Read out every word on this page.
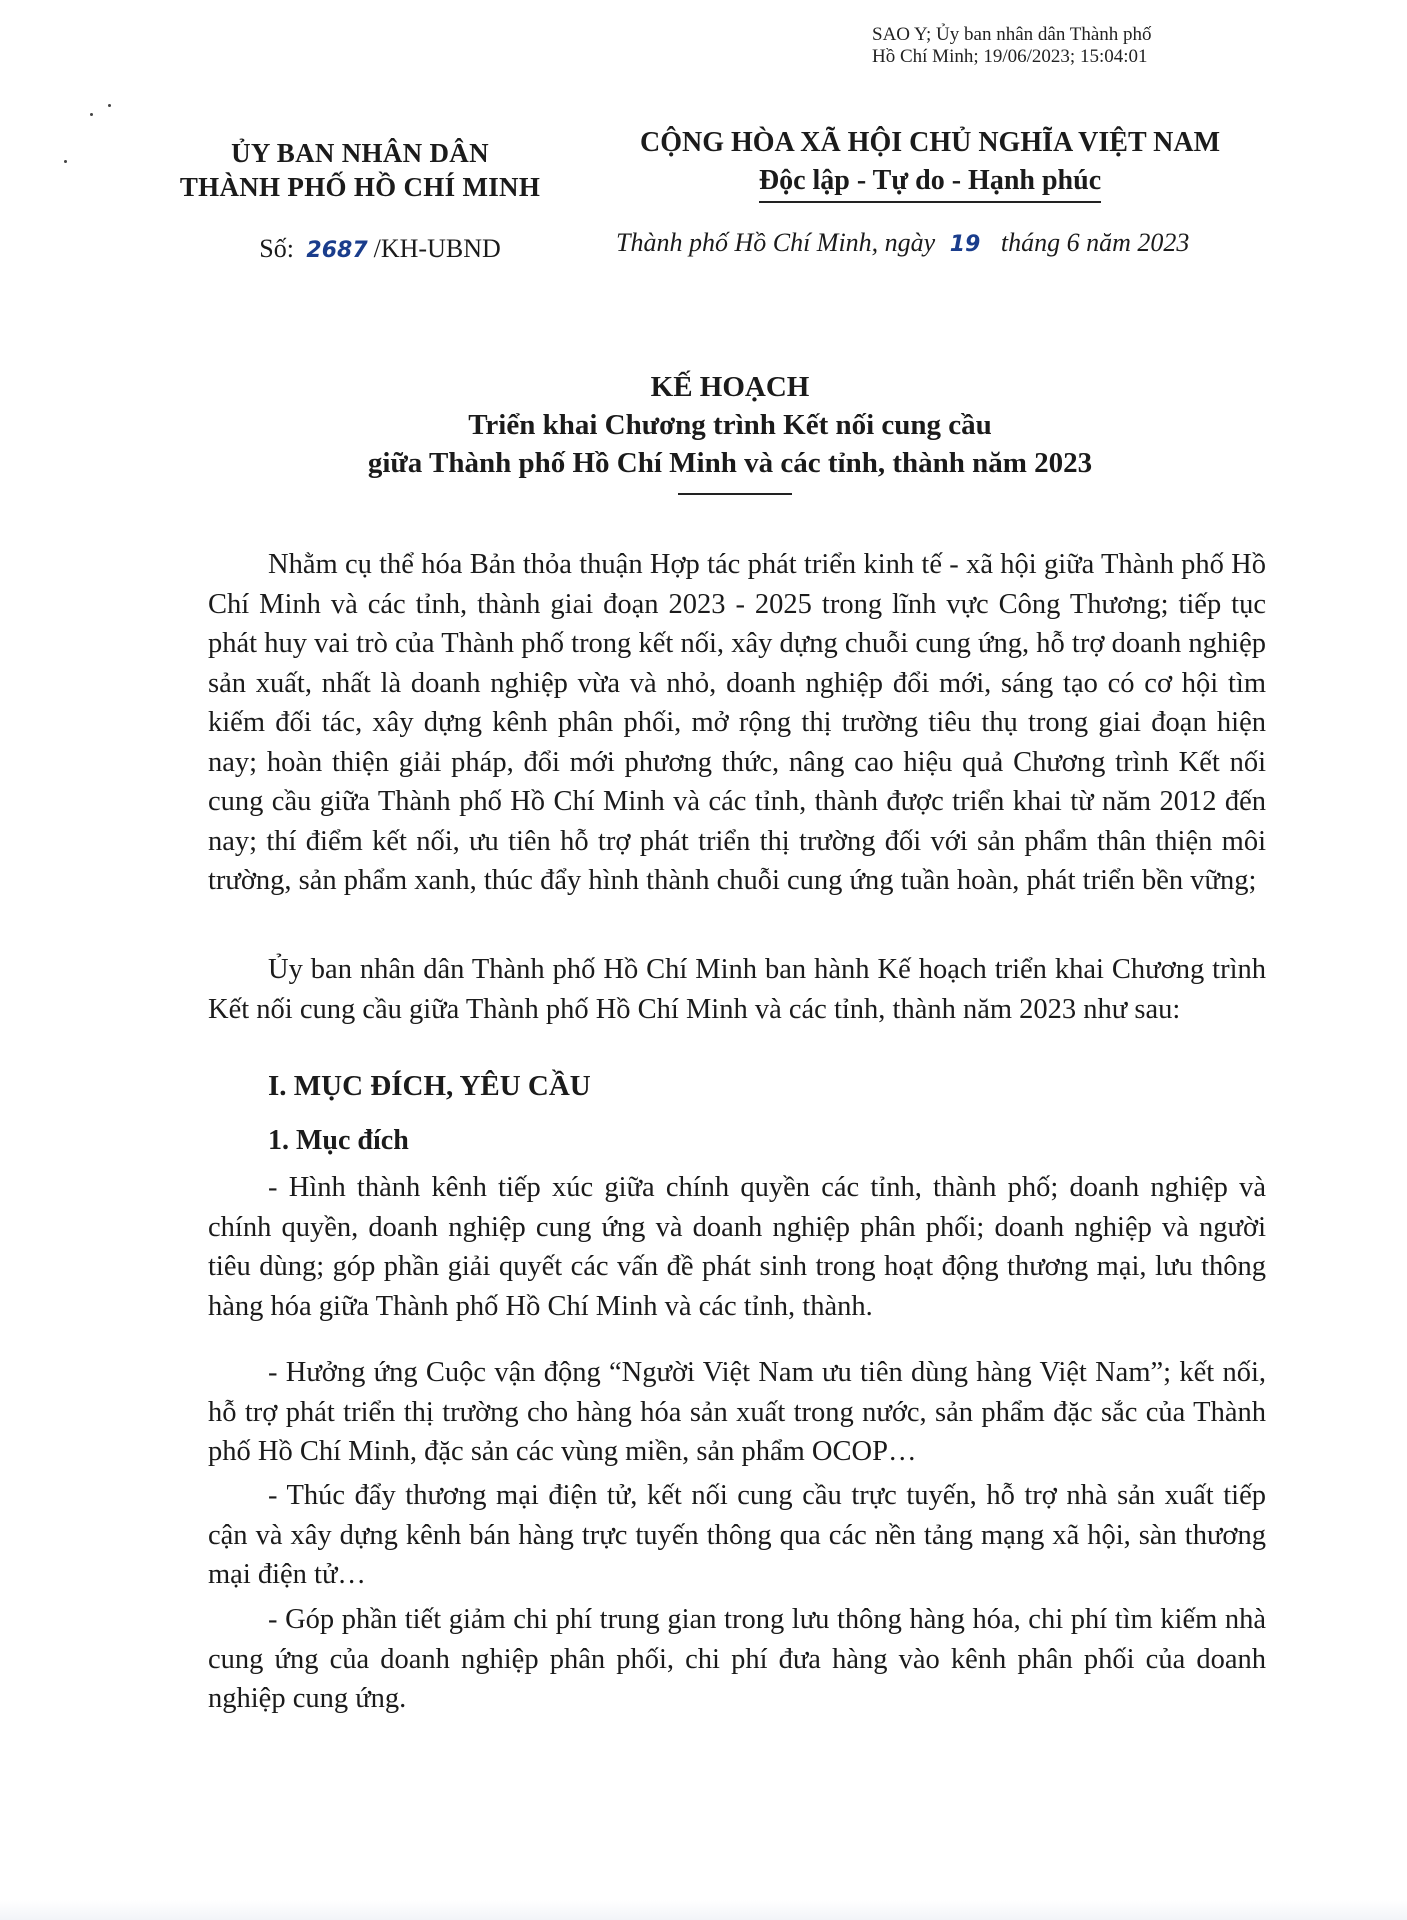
SAO Y; Ủy ban nhân dân Thành phố
Hồ Chí Minh; 19/06/2023; 15:04:01
ỦY BAN NHÂN DÂN
THÀNH PHỐ HỒ CHÍ MINH
CỘNG HÒA XÃ HỘI CHỦ NGHĨA VIỆT NAM
Độc lập - Tự do - Hạnh phúc
Số: 2687 /KH-UBND	Thành phố Hồ Chí Minh, ngày 19 tháng 6 năm 2023
KẾ HOẠCH
Triển khai Chương trình Kết nối cung cầu
giữa Thành phố Hồ Chí Minh và các tỉnh, thành năm 2023
Nhằm cụ thể hóa Bản thỏa thuận Hợp tác phát triển kinh tế - xã hội giữa Thành phố Hồ Chí Minh và các tỉnh, thành giai đoạn 2023 - 2025 trong lĩnh vực Công Thương; tiếp tục phát huy vai trò của Thành phố trong kết nối, xây dựng chuỗi cung ứng, hỗ trợ doanh nghiệp sản xuất, nhất là doanh nghiệp vừa và nhỏ, doanh nghiệp đổi mới, sáng tạo có cơ hội tìm kiếm đối tác, xây dựng kênh phân phối, mở rộng thị trường tiêu thụ trong giai đoạn hiện nay; hoàn thiện giải pháp, đổi mới phương thức, nâng cao hiệu quả Chương trình Kết nối cung cầu giữa Thành phố Hồ Chí Minh và các tỉnh, thành được triển khai từ năm 2012 đến nay; thí điểm kết nối, ưu tiên hỗ trợ phát triển thị trường đối với sản phẩm thân thiện môi trường, sản phẩm xanh, thúc đẩy hình thành chuỗi cung ứng tuần hoàn, phát triển bền vững;
Ủy ban nhân dân Thành phố Hồ Chí Minh ban hành Kế hoạch triển khai Chương trình Kết nối cung cầu giữa Thành phố Hồ Chí Minh và các tỉnh, thành năm 2023 như sau:
I. MỤC ĐÍCH, YÊU CẦU
1. Mục đích
- Hình thành kênh tiếp xúc giữa chính quyền các tỉnh, thành phố; doanh nghiệp và chính quyền, doanh nghiệp cung ứng và doanh nghiệp phân phối; doanh nghiệp và người tiêu dùng; góp phần giải quyết các vấn đề phát sinh trong hoạt động thương mại, lưu thông hàng hóa giữa Thành phố Hồ Chí Minh và các tỉnh, thành.
- Hưởng ứng Cuộc vận động “Người Việt Nam ưu tiên dùng hàng Việt Nam”; kết nối, hỗ trợ phát triển thị trường cho hàng hóa sản xuất trong nước, sản phẩm đặc sắc của Thành phố Hồ Chí Minh, đặc sản các vùng miền, sản phẩm OCOP…
- Thúc đẩy thương mại điện tử, kết nối cung cầu trực tuyến, hỗ trợ nhà sản xuất tiếp cận và xây dựng kênh bán hàng trực tuyến thông qua các nền tảng mạng xã hội, sàn thương mại điện tử…
- Góp phần tiết giảm chi phí trung gian trong lưu thông hàng hóa, chi phí tìm kiếm nhà cung ứng của doanh nghiệp phân phối, chi phí đưa hàng vào kênh phân phối của doanh nghiệp cung ứng.
